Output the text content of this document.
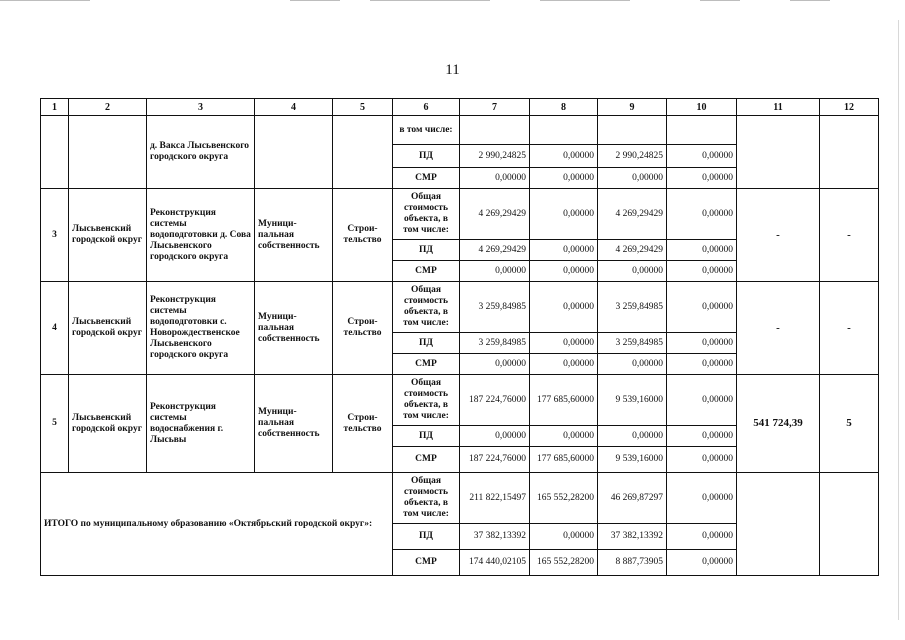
11
1	2	3	4	5	6	7	8	9	10	11	12
		д. Вакса Лысьвенского городского округа			в том числе:						
					ПД	2 990,24825	0,00000	2 990,24825	0,00000		
					СМР	0,00000	0,00000	0,00000	0,00000		
3	Лысьвенский городской округ	Реконструкция системы водоподготовки д. Сова Лысьвенского городского округа	Муници-пальная собственность	Строи-тельство	Общая стоимость объекта, в том числе:	4 269,29429	0,00000	4 269,29429	0,00000	-	-
					ПД	4 269,29429	0,00000	4 269,29429	0,00000		
					СМР	0,00000	0,00000	0,00000	0,00000		
4	Лысьвенский городской округ	Реконструкция системы водоподготовки с. Новорождественское Лысьвенского городского округа	Муници-пальная собственность	Строи-тельство	Общая стоимость объекта, в том числе:	3 259,84985	0,00000	3 259,84985	0,00000	-	-
					ПД	3 259,84985	0,00000	3 259,84985	0,00000		
					СМР	0,00000	0,00000	0,00000	0,00000		
5	Лысьвенский городской округ	Реконструкция системы водоснабжения г. Лысьвы	Муници-пальная собственность	Строи-тельство	Общая стоимость объекта, в том числе:	187 224,76000	177 685,60000	9 539,16000	0,00000	541 724,39	5
					ПД	0,00000	0,00000	0,00000	0,00000		
					СМР	187 224,76000	177 685,60000	9 539,16000	0,00000		
ИТОГО по муниципальному образованию «Октябрьский городской округ»:					Общая стоимость объекта, в том числе:	211 822,15497	165 552,28200	46 269,87297	0,00000		
					ПД	37 382,13392	0,00000	37 382,13392	0,00000		
					СМР	174 440,02105	165 552,28200	8 887,73905	0,00000		
